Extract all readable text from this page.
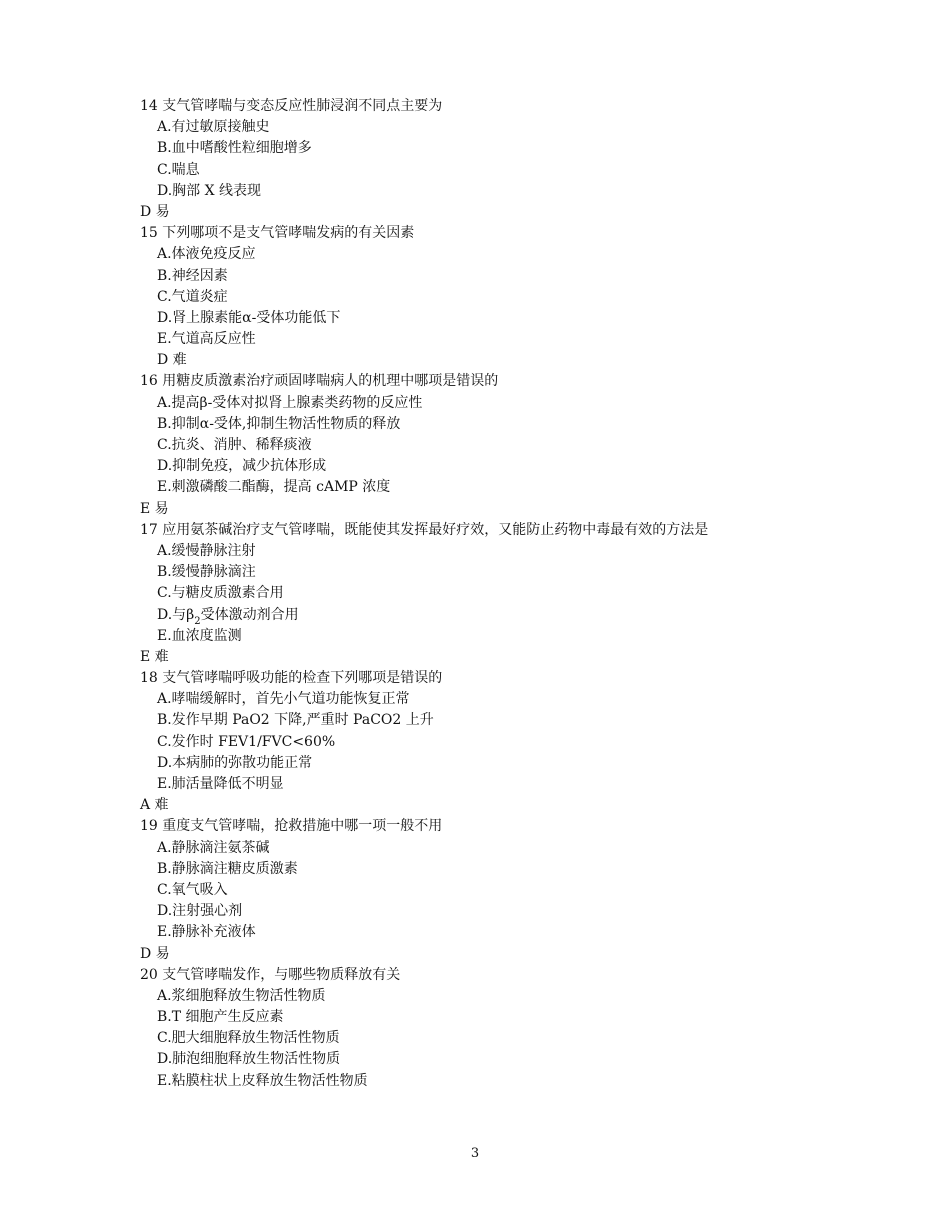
14 支气管哮喘与变态反应性肺浸润不同点主要为
A.有过敏原接触史
B.血中嗜酸性粒细胞增多
C.喘息
D.胸部 X 线表现
D 易
15 下列哪项不是支气管哮喘发病的有关因素
A.体液免疫反应
B.神经因素
C.气道炎症
D.肾上腺素能α-受体功能低下
E.气道高反应性
D 难
16 用糖皮质激素治疗顽固哮喘病人的机理中哪项是错误的
A.提高β-受体对拟肾上腺素类药物的反应性
B.抑制α-受体,抑制生物活性物质的释放
C.抗炎、消肿、稀释痰液
D.抑制免疫，减少抗体形成
E.刺激磷酸二酯酶，提高 cAMP 浓度
E 易
17 应用氨茶碱治疗支气管哮喘，既能使其发挥最好疗效，又能防止药物中毒最有效的方法是
A.缓慢静脉注射
B.缓慢静脉滴注
C.与糖皮质激素合用
D.与$\beta_2$受体激动剂合用
E.血浓度监测
E 难
18 支气管哮喘呼吸功能的检查下列哪项是错误的
A.哮喘缓解时，首先小气道功能恢复正常
B.发作早期 PaO2 下降,严重时 PaCO2 上升
C.发作时 FEV1/FVC<60%
D.本病肺的弥散功能正常
E.肺活量降低不明显
A 难
19 重度支气管哮喘，抢救措施中哪一项一般不用
A.静脉滴注氨茶碱
B.静脉滴注糖皮质激素
C.氧气吸入
D.注射强心剂
E.静脉补充液体
D 易
20 支气管哮喘发作，与哪些物质释放有关
A.浆细胞释放生物活性物质
B.T 细胞产生反应素
C.肥大细胞释放生物活性物质
D.肺泡细胞释放生物活性物质
E.粘膜柱状上皮释放生物活性物质
3
